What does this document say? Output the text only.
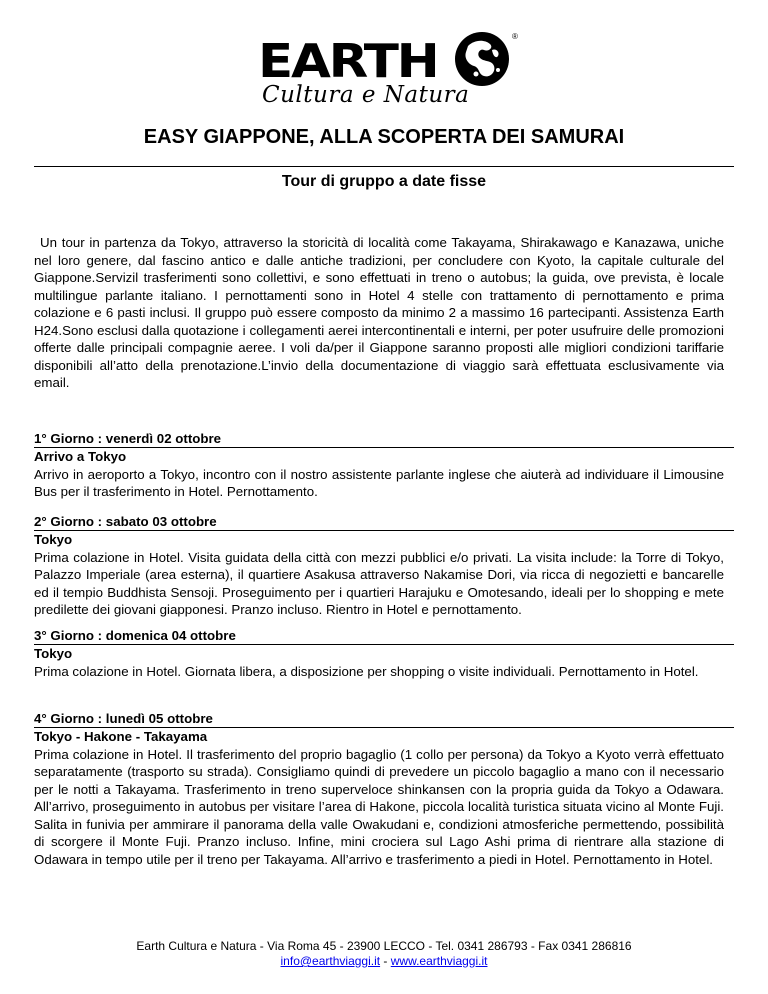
EARTH	®
Cultura e Natura
EASY GIAPPONE, ALLA SCOPERTA DEI SAMURAI
Tour di gruppo a date fisse

Un tour in partenza da Tokyo, attraverso la storicità di località come Takayama, Shirakawago e Kanazawa, uniche nel loro genere, dal fascino antico e dalle antiche tradizioni, per concludere con Kyoto, la capitale culturale del Giappone.Servizil trasferimenti sono collettivi, e sono effettuati in treno o autobus; la guida, ove prevista, è locale multilingue parlante italiano. I pernottamenti sono in Hotel 4 stelle con trattamento di pernottamento e prima colazione e 6 pasti inclusi. Il gruppo può essere composto da minimo 2 a massimo 16 partecipanti. Assistenza Earth H24.Sono esclusi dalla quotazione i collegamenti aerei intercontinentali e interni, per poter usufruire delle promozioni offerte dalle principali compagnie aeree. I voli da/per il Giappone saranno proposti alle migliori condizioni tariffarie disponibili all’atto della prenotazione.L’invio della documentazione di viaggio sarà effettuata esclusivamente via email.

1° Giorno : venerdì 02 ottobre
Arrivo a Tokyo

Arrivo in aeroporto a Tokyo, incontro con il nostro assistente parlante inglese che aiuterà ad individuare il Limousine Bus per il trasferimento in Hotel. Pernottamento.

2° Giorno : sabato 03 ottobre
Tokyo

Prima colazione in Hotel. Visita guidata della città con mezzi pubblici e/o privati. La visita include: la Torre di Tokyo, Palazzo Imperiale (area esterna), il quartiere Asakusa attraverso Nakamise Dori, via ricca di negozietti e bancarelle ed il tempio Buddhista Sensoji. Proseguimento per i quartieri Harajuku e Omotesando, ideali per lo shopping e mete predilette dei giovani giapponesi. Pranzo incluso. Rientro in Hotel e pernottamento.

3° Giorno : domenica 04 ottobre
Tokyo

Prima colazione in Hotel. Giornata libera, a disposizione per shopping o visite individuali. Pernottamento in Hotel.

4° Giorno : lunedì 05 ottobre
Tokyo - Hakone - Takayama

Prima colazione in Hotel. Il trasferimento del proprio bagaglio (1 collo per persona) da Tokyo a Kyoto verrà effettuato separatamente (trasporto su strada). Consigliamo quindi di prevedere un piccolo bagaglio a mano con il necessario per le notti a Takayama. Trasferimento in treno superveloce shinkansen con la propria guida da Tokyo a Odawara. All’arrivo, proseguimento in autobus per visitare l’area di Hakone, piccola località turistica situata vicino al Monte Fuji. Salita in funivia per ammirare il panorama della valle Owakudani e, condizioni atmosferiche permettendo, possibilità di scorgere il Monte Fuji. Pranzo incluso. Infine, mini crociera sul Lago Ashi prima di rientrare alla stazione di Odawara in tempo utile per il treno per Takayama. All’arrivo e trasferimento a piedi in Hotel. Pernottamento in Hotel.

Earth Cultura e Natura - Via Roma 45 - 23900 LECCO - Tel. 0341 286793 - Fax 0341 286816
info@earthviaggi.it - www.earthviaggi.it
